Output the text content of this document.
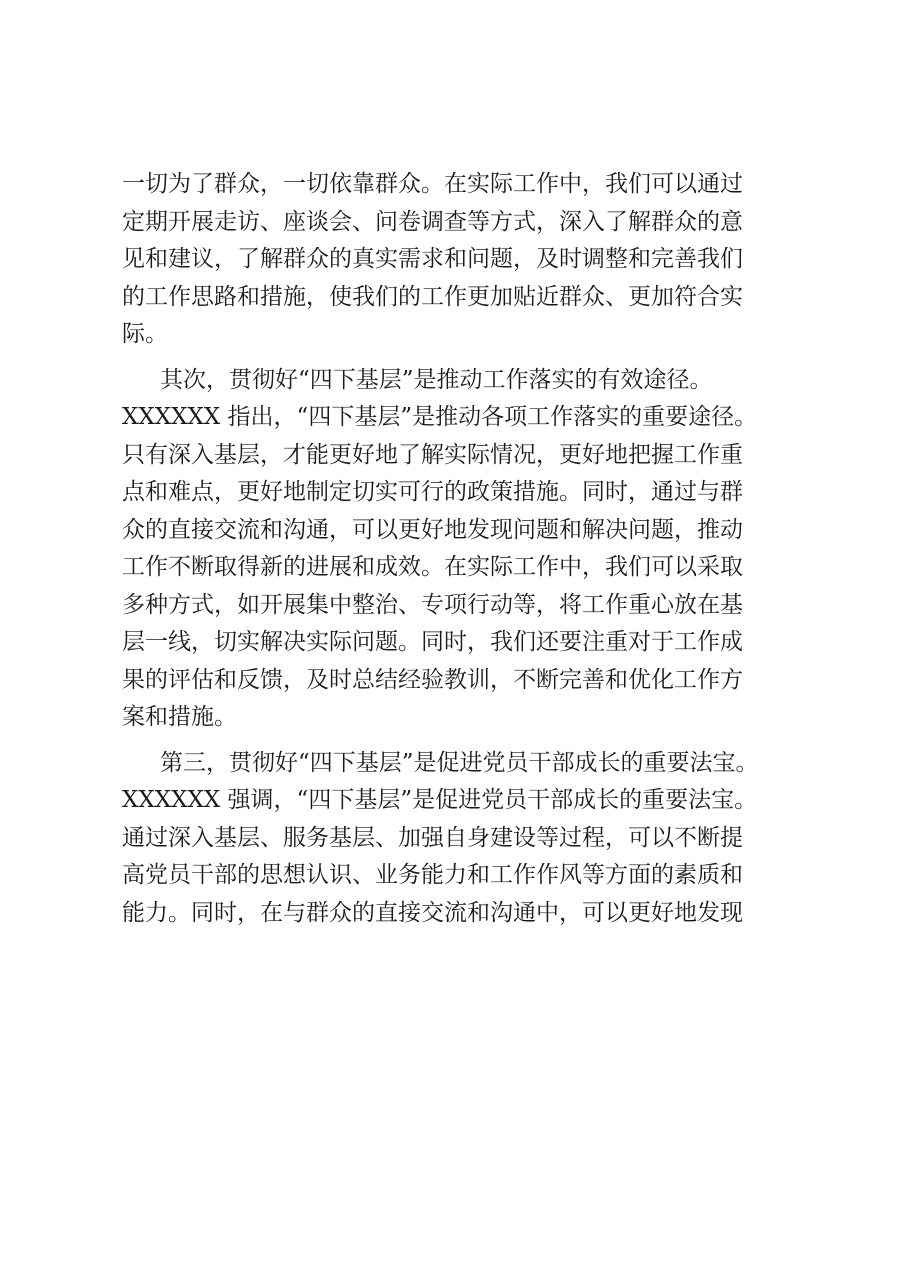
一切为了群众，一切依靠群众。在实际工作中，我们可以通过
定期开展走访、座谈会、问卷调查等方式，深入了解群众的意
见和建议，了解群众的真实需求和问题，及时调整和完善我们
的工作思路和措施，使我们的工作更加贴近群众、更加符合实
际。
其次，贯彻好“四下基层”是推动工作落实的有效途径。
XXXXXX 指出，“四下基层”是推动各项工作落实的重要途径。
只有深入基层，才能更好地了解实际情况，更好地把握工作重
点和难点，更好地制定切实可行的政策措施。同时，通过与群
众的直接交流和沟通，可以更好地发现问题和解决问题，推动
工作不断取得新的进展和成效。在实际工作中，我们可以采取
多种方式，如开展集中整治、专项行动等，将工作重心放在基
层一线，切实解决实际问题。同时，我们还要注重对于工作成
果的评估和反馈，及时总结经验教训，不断完善和优化工作方
案和措施。
第三，贯彻好“四下基层”是促进党员干部成长的重要法宝。
XXXXXX 强调，“四下基层”是促进党员干部成长的重要法宝。
通过深入基层、服务基层、加强自身建设等过程，可以不断提
高党员干部的思想认识、业务能力和工作作风等方面的素质和
能力。同时，在与群众的直接交流和沟通中，可以更好地发现
